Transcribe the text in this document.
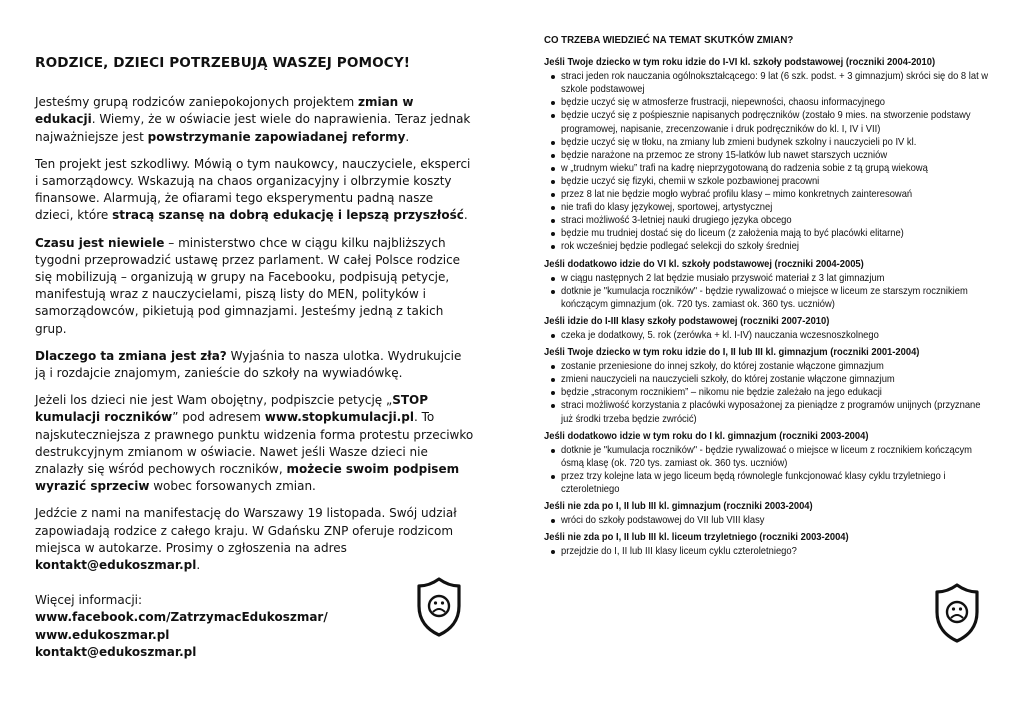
RODZICE, DZIECI POTRZEBUJĄ WASZEJ POMOCY!

Jesteśmy grupą rodziców zaniepokojonych projektem zmian w edukacji. Wiemy, że w oświacie jest wiele do naprawienia. Teraz jednak najważniejsze jest powstrzymanie zapowiadanej reformy.

Ten projekt jest szkodliwy. Mówią o tym naukowcy, nauczyciele, eksperci i samorządowcy. Wskazują na chaos organizacyjny i olbrzymie koszty finansowe. Alarmują, że ofiarami tego eksperymentu padną nasze dzieci, które stracą szansę na dobrą edukację i lepszą przyszłość.

Czasu jest niewiele – ministerstwo chce w ciągu kilku najbliższych tygodni przeprowadzić ustawę przez parlament. W całej Polsce rodzice się mobilizują – organizują w grupy na Facebooku, podpisują petycje, manifestują wraz z nauczycielami, piszą listy do MEN, polityków i samorządowców, pikietują pod gimnazjami. Jesteśmy jedną z takich grup.

Dlaczego ta zmiana jest zła? Wyjaśnia to nasza ulotka. Wydrukujcie ją i rozdajcie znajomym, zanieście do szkoły na wywiadówkę.

Jeżeli los dzieci nie jest Wam obojętny, podpiszcie petycję „STOP kumulacji roczników” pod adresem www.stopkumulacji.pl. To najskuteczniejsza z prawnego punktu widzenia forma protestu przeciwko destrukcyjnym zmianom w oświacie. Nawet jeśli Wasze dzieci nie znalazły się wśród pechowych roczników, możecie swoim podpisem wyrazić sprzeciw wobec forsowanych zmian.

Jedźcie z nami na manifestację do Warszawy 19 listopada. Swój udział zapowiadają rodzice z całego kraju. W Gdańsku ZNP oferuje rodzicom miejsca w autokarze. Prosimy o zgłoszenia na adres kontakt@edukoszmar.pl.

Więcej informacji:
www.facebook.com/ZatrzymacEdukoszmar/
www.edukoszmar.pl
kontakt@edukoszmar.pl
CO TRZEBA WIEDZIEĆ NA TEMAT SKUTKÓW ZMIAN?
Jeśli Twoje dziecko w tym roku idzie do I-VI kl. szkoły podstawowej (roczniki 2004-2010)
straci jeden rok nauczania ogólnokształcącego: 9 lat (6 szk. podst. + 3 gimnazjum) skróci się do 8 lat w szkole podstawowej
będzie uczyć się w atmosferze frustracji, niepewności, chaosu informacyjnego
będzie uczyć się z pośpiesznie napisanych podręczników (zostało 9 mies. na stworzenie podstawy programowej, napisanie, zrecenzowanie i druk podręczników do kl. I, IV i VII)
będzie uczyć się w tłoku, na zmiany lub zmieni budynek szkolny i nauczycieli po IV kl.
będzie narażone na przemoc ze strony 15-latków lub nawet starszych uczniów
w „trudnym wieku” trafi na kadrę nieprzygotowaną do radzenia sobie z tą grupą wiekową
będzie uczyć się fizyki, chemii w szkole pozbawionej pracowni
przez 8 lat nie będzie mogło wybrać profilu klasy – mimo konkretnych zainteresowań
nie trafi do klasy językowej, sportowej, artystycznej
straci możliwość 3-letniej nauki drugiego języka obcego
będzie mu trudniej dostać się do liceum (z założenia mają to być placówki elitarne)
rok wcześniej będzie podlegać selekcji do szkoły średniej
Jeśli dodatkowo idzie do VI kl. szkoły podstawowej (roczniki 2004-2005)
w ciągu następnych 2 lat będzie musiało przyswoić materiał z 3 lat gimnazjum
dotknie je "kumulacja roczników" - będzie rywalizować o miejsce w liceum ze starszym rocznikiem kończącym gimnazjum (ok. 720 tys. zamiast ok. 360 tys. uczniów)
Jeśli idzie do I-III klasy szkoły podstawowej (roczniki 2007-2010)
czeka je dodatkowy, 5. rok (zerówka + kl. I-IV) nauczania wczesnoszkolnego
Jeśli Twoje dziecko w tym roku idzie do I, II lub III kl. gimnazjum (roczniki 2001-2004)
zostanie przeniesione do innej szkoły, do której zostanie włączone gimnazjum
zmieni nauczycieli na nauczycieli szkoły, do której zostanie włączone gimnazjum
będzie „straconym rocznikiem” – nikomu nie będzie zależało na jego edukacji
straci możliwość korzystania z placówki wyposażonej za pieniądze z programów unijnych (przyznane już środki trzeba będzie zwrócić)
Jeśli dodatkowo idzie w tym roku do I kl. gimnazjum (roczniki 2003-2004)
dotknie je "kumulacja roczników" - będzie rywalizować o miejsce w liceum z rocznikiem kończącym ósmą klasę (ok. 720 tys. zamiast ok. 360 tys. uczniów)
przez trzy kolejne lata w jego liceum będą równolegle funkcjonować klasy cyklu trzyletniego i czteroletniego
Jeśli nie zda po I, II lub III kl. gimnazjum (roczniki 2003-2004)
wróci do szkoły podstawowej do VII lub VIII klasy
Jeśli nie zda po I, II lub III kl. liceum trzyletniego (roczniki 2003-2004)
przejdzie do I, II lub III klasy liceum cyklu czteroletniego?
